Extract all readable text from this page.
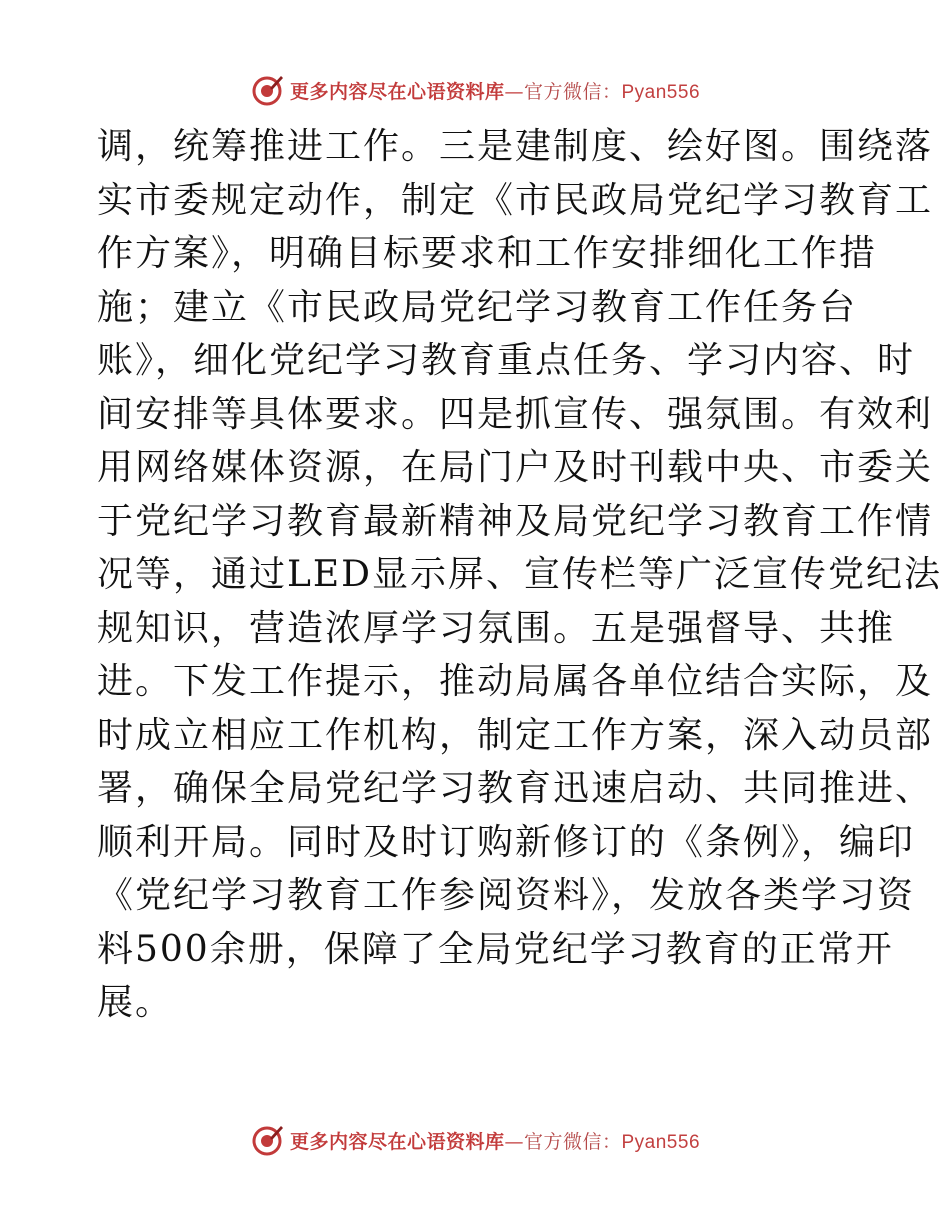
更多内容尽在心语资料库—官方微信：Pyan556
调，统筹推进工作。三是建制度、绘好图。围绕落
实市委规定动作，制定《市民政局党纪学习教育工
作方案》，明确目标要求和工作安排细化工作措
施；建立《市民政局党纪学习教育工作任务台
账》，细化党纪学习教育重点任务、学习内容、时
间安排等具体要求。四是抓宣传、强氛围。有效利
用网络媒体资源，在局门户及时刊载中央、市委关
于党纪学习教育最新精神及局党纪学习教育工作情
况等，通过LED显示屏、宣传栏等广泛宣传党纪法
规知识，营造浓厚学习氛围。五是强督导、共推
进。下发工作提示，推动局属各单位结合实际，及
时成立相应工作机构，制定工作方案，深入动员部
署，确保全局党纪学习教育迅速启动、共同推进、
顺利开局。同时及时订购新修订的《条例》，编印
《党纪学习教育工作参阅资料》，发放各类学习资
料500余册，保障了全局党纪学习教育的正常开
展。
更多内容尽在心语资料库—官方微信：Pyan556
